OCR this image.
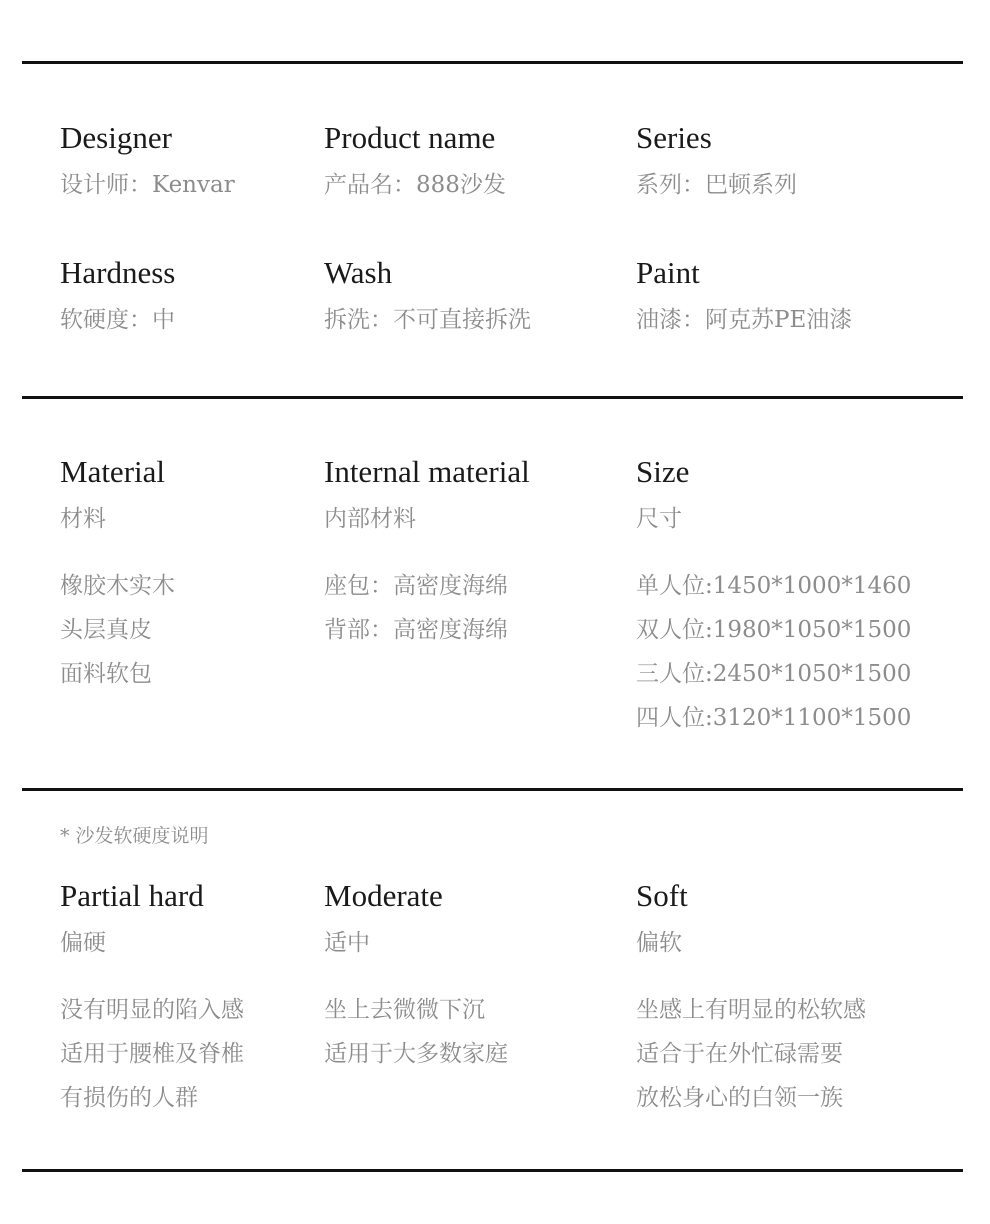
Designer
设计师：Kenvar
Product name
产品名：888沙发
Series
系列：巴顿系列
Hardness
软硬度：中
Wash
拆洗：不可直接拆洗
Paint
油漆：阿克苏PE油漆
Material
材料
橡胶木实木
头层真皮
面料软包
Internal material
内部材料
座包：高密度海绵
背部：高密度海绵
Size
尺寸
单人位:1450*1000*1460
双人位:1980*1050*1500
三人位:2450*1050*1500
四人位:3120*1100*1500
* 沙发软硬度说明
Partial hard
偏硬
没有明显的陷入感
适用于腰椎及脊椎
有损伤的人群
Moderate
适中
坐上去微微下沉
适用于大多数家庭
Soft
偏软
坐感上有明显的松软感
适合于在外忙碌需要
放松身心的白领一族
